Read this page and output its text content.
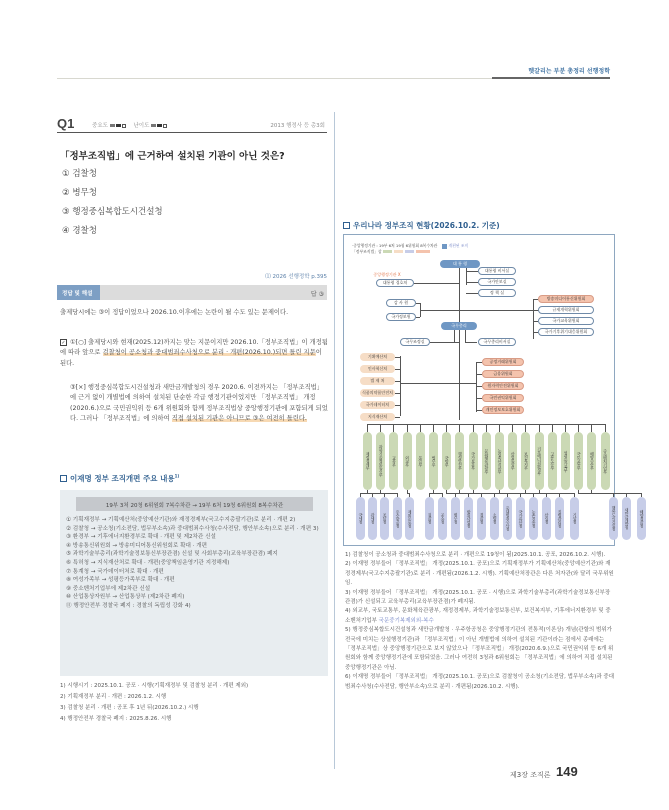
헷갈리는 부분 총정리 선행정학
Q1	중요도	난이도	2013 행정사 등 총3회
「정부조직법」에 근거하여 설치된 기관이 아닌 것은?
① 검찰청
② 병무청
③ 행정중심복합도시건설청
④ 경찰청
⑴ 2026 선행정학 p.395
정답 및 해설	답 ③
출제당시에는 ③이 정답이었으나 2026.10.이후에는 논란이 될 수도 있는 문제이다.
✓ ①[○] 출제당시와 현재(2025.12)까지는 맞는 지문이지만 2026.10.「정부조직법」이 개정됨에 따라 앞으로 검찰청이 공소청과 중대범죄수사청으로 분리 · 개편(2026.10.)되면 틀린 지문이 된다.
③[×] 행정중심복합도시건설청과 새만금개발청의 경우 2020.6. 이전까지는 「정부조직법」에 근거 없이 개별법에 의하여 설치된 단순한 각급 행정기관이었지만 「정부조직법」 개정(2020.6.)으로 국민권익위 등 6개 위원회와 함께 정부조직법상 중앙행정기관에 포함되게 되었다. 그러나 「정부조직법」에 의하여 직접 설치된 기관은 아니므로 ③은 여전히 틀린다.
이재명 정부 조직개편 주요 내용$^{1)}$
19부 3처 20청 6위원회 7복수차관 → 19부 6처 19청 6위원회 8복수차관
① 기획재정부 → 기획예산처(중앙예산기관)와 재정경제부(국고수지총괄기관)로 분리 · 개편 2)
② 검찰청 → 공소청(기소전담, 법무부소속)과 중대범죄수사청(수사전담, 행안부소속)으로 분리 · 개편 3)
③ 환경부 → 기후에너지환경부로 확대 · 개편 및 제2차관 신설
④ 방송통신위원회 → 방송미디어통신위원회로 확대 · 개편
⑤ 과학기술부총리(과학기술정보통신부장관겸) 신설 및 사회부총리(교육부장관겸) 폐지
⑥ 특허청 → 지식재산처로 확대 · 개편(중앙책임운영기관 지정해제)
⑦ 통계청 → 국가데이터처로 확대 · 개편
⑧ 여성가족부 → 성평등가족부로 확대 · 개편
⑨ 중소벤처기업부에 제2차관 신설
⑩ 산업통상자원부 → 산업통상부 (제2차관 폐지)
⑪ 행정안전부 경찰국 폐지 : 경찰의 독립성 강화 4)
1) 시행시기 : 2025.10.1. 공포 · 시행(기획재정부 및 검찰청 분리 · 개편 제외)
2) 기획재정부 분리 · 개편 : 2026.1.2. 시행
3) 검찰청 분리 · 개편 : 공포 후 1년 뒤(2026.10.2.) 시행
4) 행정안전부 경찰국 폐지 : 2025.8.26. 시행
우리나라 정부조직 현황(2026.10.2. 기준)
·중앙행정기관 : 19부 6처 19청 6위원회 8복수차관	개편된 조직
「정부조직법」상
대 통 령
중앙행정기관 X
대통령 경호처
대통령 비서실
국가안보실
정 책 실
감 사 원
국가정보원
방송미디어통신위원회
규제개혁위원회
국가교육위원회
국가기후위기대응위원회
국무총리
국무조정실	국무총리비서실
기획예산처
인사혁신처
법 제 처
식품의약품안전처
국가데이터처
지식재산처
공정거래위원회
금융위원회
원자력안전위원회
국민권익위원회
개인정보보호위원회
재정경제부	과학기술정보통신부	교육부	외교부	통일부	법무부	국방부	행정안전부	국가보훈부	문화체육관광부	농림축산식품부	산업통상부	보건복지부	기후에너지환경부	고용노동부	성평등가족부	국토교통부	해양수산부	중소벤처기업부
국세청	관세청	조달청	우주항공청	재외동포청	검찰청	공소청	병무청	방위사업청	경찰청	소방청	중대범죄수사청	국가유산청	농촌진흥청	산림청	질병관리청	기상청	행복도시건설청	새만금개발청	해양경찰청
1) 검찰청이 공소청과 중대범죄수사청으로 분리 · 개편으로 19청이 됨(2025.10.1. 공포, 2026.10.2. 시행).
2) 이재명 정부들어 「정부조직법」 개정(2025.10.1. 공포)으로 기획재정부가 기획예산처(중앙예산기관)와 재정경제부(국고수지총괄기관)로 분리 · 개편됨(2026.1.2. 시행). 기획예산처장관은 다른 처자관(와 달리 국무위원임.
3) 이재명 정부들어 「정부조직법」 개정(2025.10.1. 공포 · 시행)으로 과학기술부총리(과학기술정보통신부장관겸)가 신설되고 교육부총리(교육부장관겸)가 폐지됨.
4) 외교부, 국토교통부, 문화체육관광부, 재정경제부, 과학기술정보통신부, 보건복지부, 기후에너지환경부 및 중소벤처기업부 국문중기복제외외-복수
5) 행정중심복합도시건설청과 새만금개발청 · 우주항공청은 중앙행정기관의 전통적(이론상) 개념(관할의 범위가 전국에 미치는 상설행정기관)과 「정부조직법」이 아닌 개별법에 의하여 설치된 기관이라는 점에서 종래에는 「정부조직법」상 중앙행정기관으로 보지 않았으나 「정부조직법」 개정(2020.6.9.)으로 국민권익위 등 6개 위원회와 함께 중앙행정기관에 포함되었음. 그러나 여전히 3청과 6위원회는 「정부조직법」에 의하여 직접 설치된 중앙행정기관은 아님.
6) 이재명 정부들어 「정부조직법」 개정(2025.10.1. 공포)으로 검찰청이 공소청(기소전담, 법무부소속)과 중대범죄수사청(수사전담, 행안부소속)으로 분리 · 개편됨(2026.10.2. 시행).
제3장 조직론 149
